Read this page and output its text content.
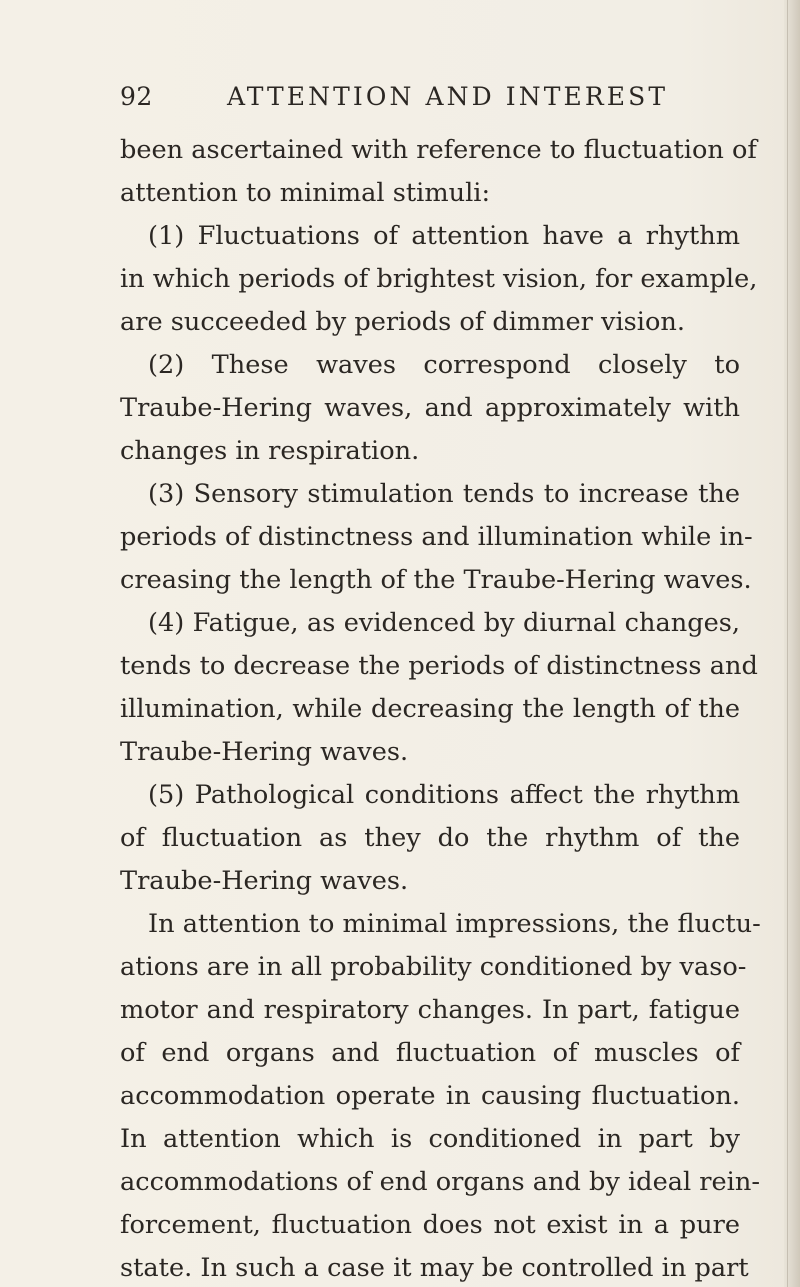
92	ATTENTION AND INTEREST
been ascertained with reference to fluctuation of
attention to minimal stimuli:
(1) Fluctuations of attention have a rhythm
in which periods of brightest vision, for example,
are succeeded by periods of dimmer vision.
(2) These waves correspond closely to
Traube-Hering waves, and approximately with
changes in respiration.
(3) Sensory stimulation tends to increase the
periods of distinctness and illumination while in-
creasing the length of the Traube-Hering waves.
(4) Fatigue, as evidenced by diurnal changes,
tends to decrease the periods of distinctness and
illumination, while decreasing the length of the
Traube-Hering waves.
(5) Pathological conditions affect the rhythm
of fluctuation as they do the rhythm of the
Traube-Hering waves.
In attention to minimal impressions, the fluctu-
ations are in all probability conditioned by vaso-
motor and respiratory changes. In part, fatigue
of end organs and fluctuation of muscles of
accommodation operate in causing fluctuation.
In attention which is conditioned in part by
accommodations of end organs and by ideal rein-
forcement, fluctuation does not exist in a pure
state. In such a case it may be controlled in part
